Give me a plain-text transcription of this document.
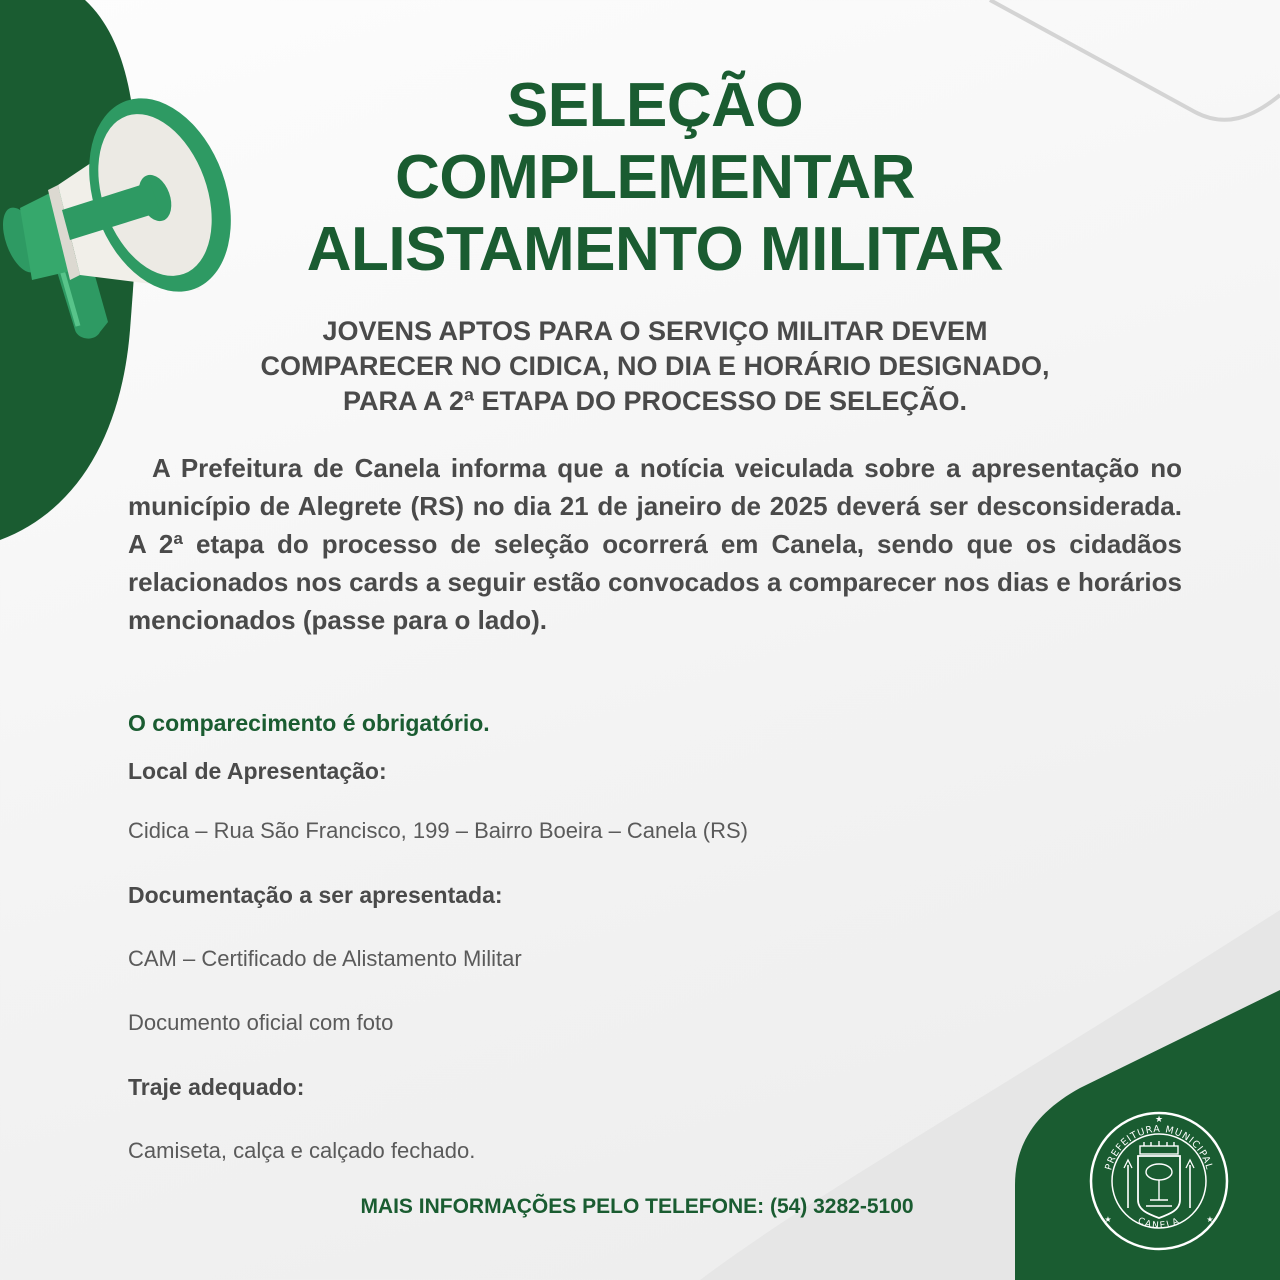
SELEÇÃO
COMPLEMENTAR
ALISTAMENTO MILITAR
JOVENS APTOS PARA O SERVIÇO MILITAR DEVEM
COMPARECER NO CIDICA, NO DIA E HORÁRIO DESIGNADO,
PARA A 2ª ETAPA DO PROCESSO DE SELEÇÃO.
A Prefeitura de Canela informa que a notícia veiculada sobre a apresentação no município de Alegrete (RS) no dia 21 de janeiro de 2025 deverá ser desconsiderada. A 2ª etapa do processo de seleção ocorrerá em Canela, sendo que os cidadãos relacionados nos cards a seguir estão convocados a comparecer nos dias e horários mencionados (passe para o lado).
O comparecimento é obrigatório.
Local de Apresentação:
Cidica – Rua São Francisco, 199 – Bairro Boeira – Canela (RS)
Documentação a ser apresentada:
CAM – Certificado de Alistamento Militar
Documento oficial com foto
Traje adequado:
Camiseta, calça e calçado fechado.
MAIS INFORMAÇÕES PELO TELEFONE: (54) 3282-5100
PREFEITURA MUNICIPAL
CANELA
★
★	★
